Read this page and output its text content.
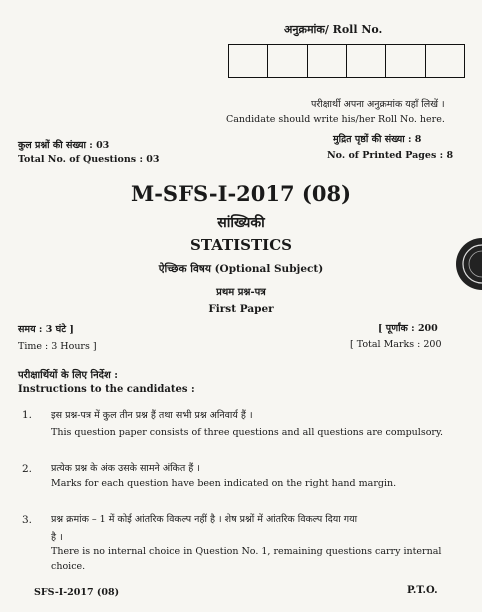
अनुक्रमांक/ Roll No.
परीक्षार्थी अपना अनुक्रमांक यहाँ लिखें ।
Candidate should write his/her Roll No. here.
कुल प्रश्नों की संख्या : 03
Total No. of Questions : 03
मुद्रित पृष्ठों की संख्या : 8
No. of Printed Pages : 8
M-SFS-I-2017 (08)
सांख्यिकी
STATISTICS
ऐच्छिक विषय (Optional Subject)
प्रथम प्रश्न-पत्र
First Paper
समय : 3 घंटे ]
Time : 3 Hours ]
[ पूर्णांक : 200
[ Total Marks : 200
परीक्षार्थियों के लिए निर्देश :
Instructions to the candidates :
1. इस प्रश्न-पत्र में कुल तीन प्रश्न हैं तथा सभी प्रश्न अनिवार्य हैं ।
This question paper consists of three questions and all questions are compulsory.
2. प्रत्येक प्रश्न के अंक उसके सामने अंकित हैं ।
Marks for each question have been indicated on the right hand margin.
3. प्रश्न क्रमांक – 1 में कोई आंतरिक विकल्प नहीं है । शेष प्रश्नों में आंतरिक विकल्प दिया गया
है ।
There is no internal choice in Question No. 1, remaining questions carry internal
choice.
SFS-I-2017 (08)	P.T.O.
